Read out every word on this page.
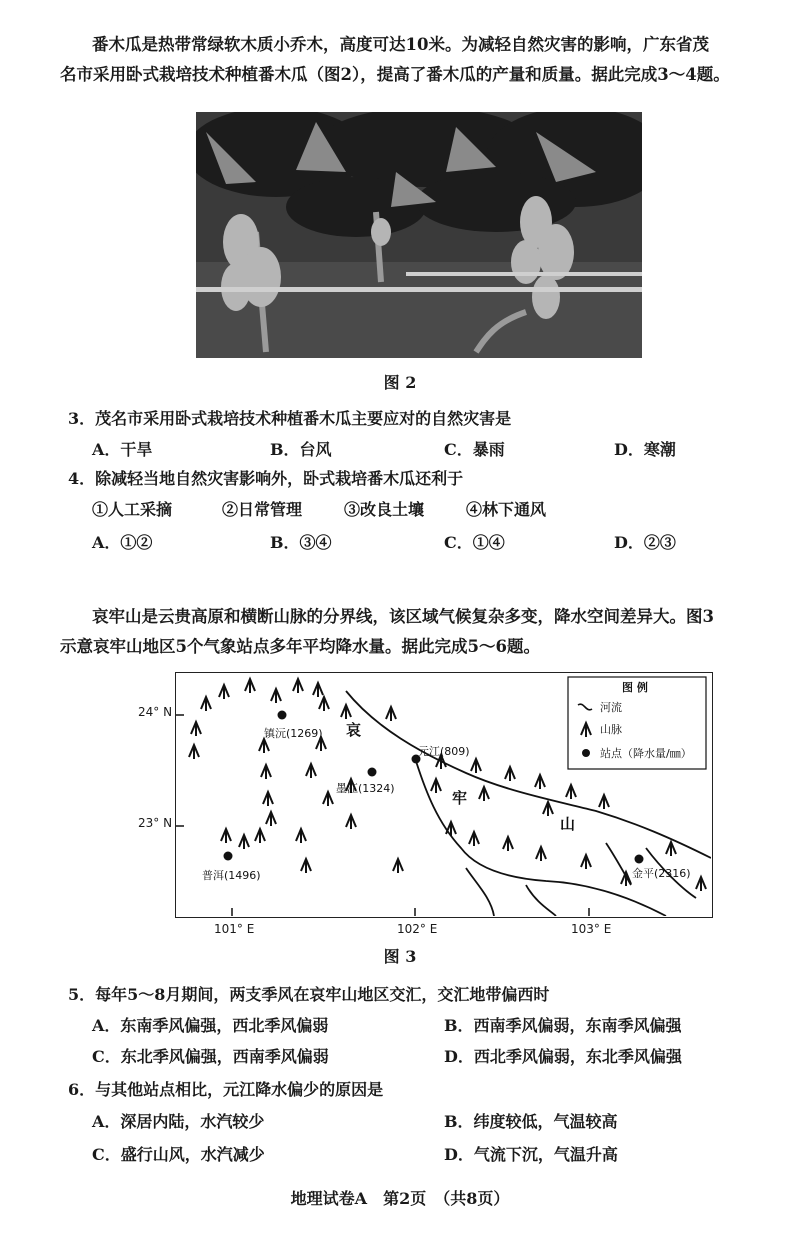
番木瓜是热带常绿软木质小乔木，高度可达10米。为减轻自然灾害的影响，广东省茂
名市采用卧式栽培技术种植番木瓜（图2），提高了番木瓜的产量和质量。据此完成3～4题。
图 2
3．茂名市采用卧式栽培技术种植番木瓜主要应对的自然灾害是
A．干旱	B．台风	C．暴雨	D．寒潮
4．除减轻当地自然灾害影响外，卧式栽培番木瓜还利于
①人工采摘	②日常管理	③改良土壤	④林下通风
A．①②	B．③④	C．①④	D．②③
哀牢山是云贵高原和横断山脉的分界线，该区域气候复杂多变，降水空间差异大。图3
示意哀牢山地区5个气象站点多年平均降水量。据此完成5～6题。
镇沅(1269)
元江(809)
墨江(1324)
普洱(1496)	金平(2316)
哀
牢
山
图 例
河流
山脉
站点（降水量/㎜）
24° N
23° N
101° E	102° E	103° E
图 3
5．每年5～8月期间，两支季风在哀牢山地区交汇，交汇地带偏西时
A．东南季风偏强，西北季风偏弱	B．西南季风偏弱，东南季风偏强
C．东北季风偏强，西南季风偏弱	D．西北季风偏弱，东北季风偏强
6．与其他站点相比，元江降水偏少的原因是
A．深居内陆，水汽较少	B．纬度较低，气温较高
C．盛行山风，水汽减少	D．气流下沉，气温升高
地理试卷A　第2页　（共8页）
